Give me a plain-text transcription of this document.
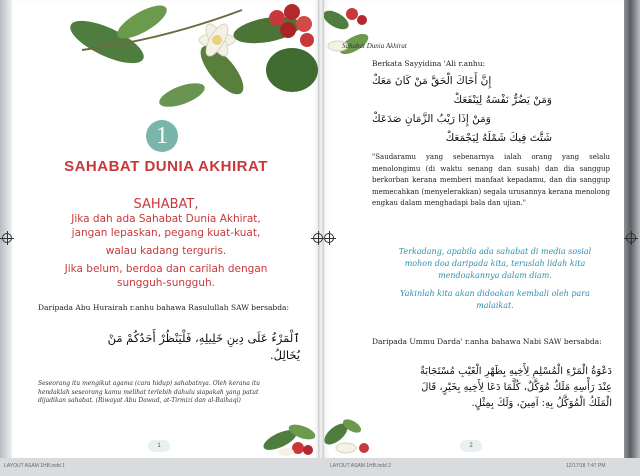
1
SAHABAT DUNIA AKHIRAT
SAHABAT,
Jika dah ada Sahabat Dunia Akhirat,
jangan lepaskan, pegang kuat-kuat,
walau kadang terguris.
Jika belum, berdoa dan carilah dengan
sungguh-sungguh.
Daripada Abu Hurairah r.anhu bahawa Rasulullah SAW bersabda:
ٱلْمَرْءُ عَلَى دِينِ خَلِيلِهِ، فَلْيَنْظُرْ أَحَدُكُمْ مَنْ
يُخَالِلُ.
Seseorang itu mengikut agama (cara hidup) sahabatnya. Oleh kerana itu hendaklah seseorang kamu melihat terlebih dahulu siapakah yang patut dijadikan sahabat. (Riwayat Abu Dawud, at-Tirmizi dan al-Baihaqi)
1
LAYOUT ASAM 1HB.indd 1
Sahabat Dunia Akhirat
Berkata Sayyidina 'Ali r.anhu:
إِنَّ أَخَاكَ الْحَقَّ مَنْ كَانَ مَعَكْ
وَمَنْ يَضُرُّ نَفْسَهُ لِيَنْفَعَكْ
وَمَنْ إِذَا رَيْبُ الزَّمَانِ صَدَعَكْ
شَتَّتَ فِيكَ شَمْلَهُ لِيَجْمَعَكْ
"Saudaramu yang sebenarnya ialah orang yang selalu menolongimu (di waktu senang dan susah) dan dia sanggup berkorban kerana memberi manfaat kepadamu, dan dia sanggup memecahkan (menyelerakkan) segala urusannya kerana menolong engkau dalam menghadapi bala dan ujian."
Terkadang, apabila ada sahabat di media sosial mohon doa daripada kita, teruslah lidah kita mendoakannya dalam diam.
Yakinlah kita akan didoakan kembali oleh para malaikat.
Daripada Ummu Darda' r.anha bahawa Nabi SAW bersabda:
دَعْوَةُ الْمَرْءِ الْمُسْلِمِ لِأَخِيهِ بِظَهْرِ الْغَيْبِ مُسْتَجَابَةٌ
عِنْدَ رَأْسِهِ مَلَكٌ مُوَكَّلٌ، كُلَّمَا دَعَا لِأَخِيهِ بِخَيْرٍ، قَالَ
الْمَلَكُ الْمُوَكَّلُ بِهِ: آمِينَ، وَلَكَ بِمِثْلٍ.
2
LAYOUT ASAM 1HB.indd 2	12/17/18 7:47 PM
